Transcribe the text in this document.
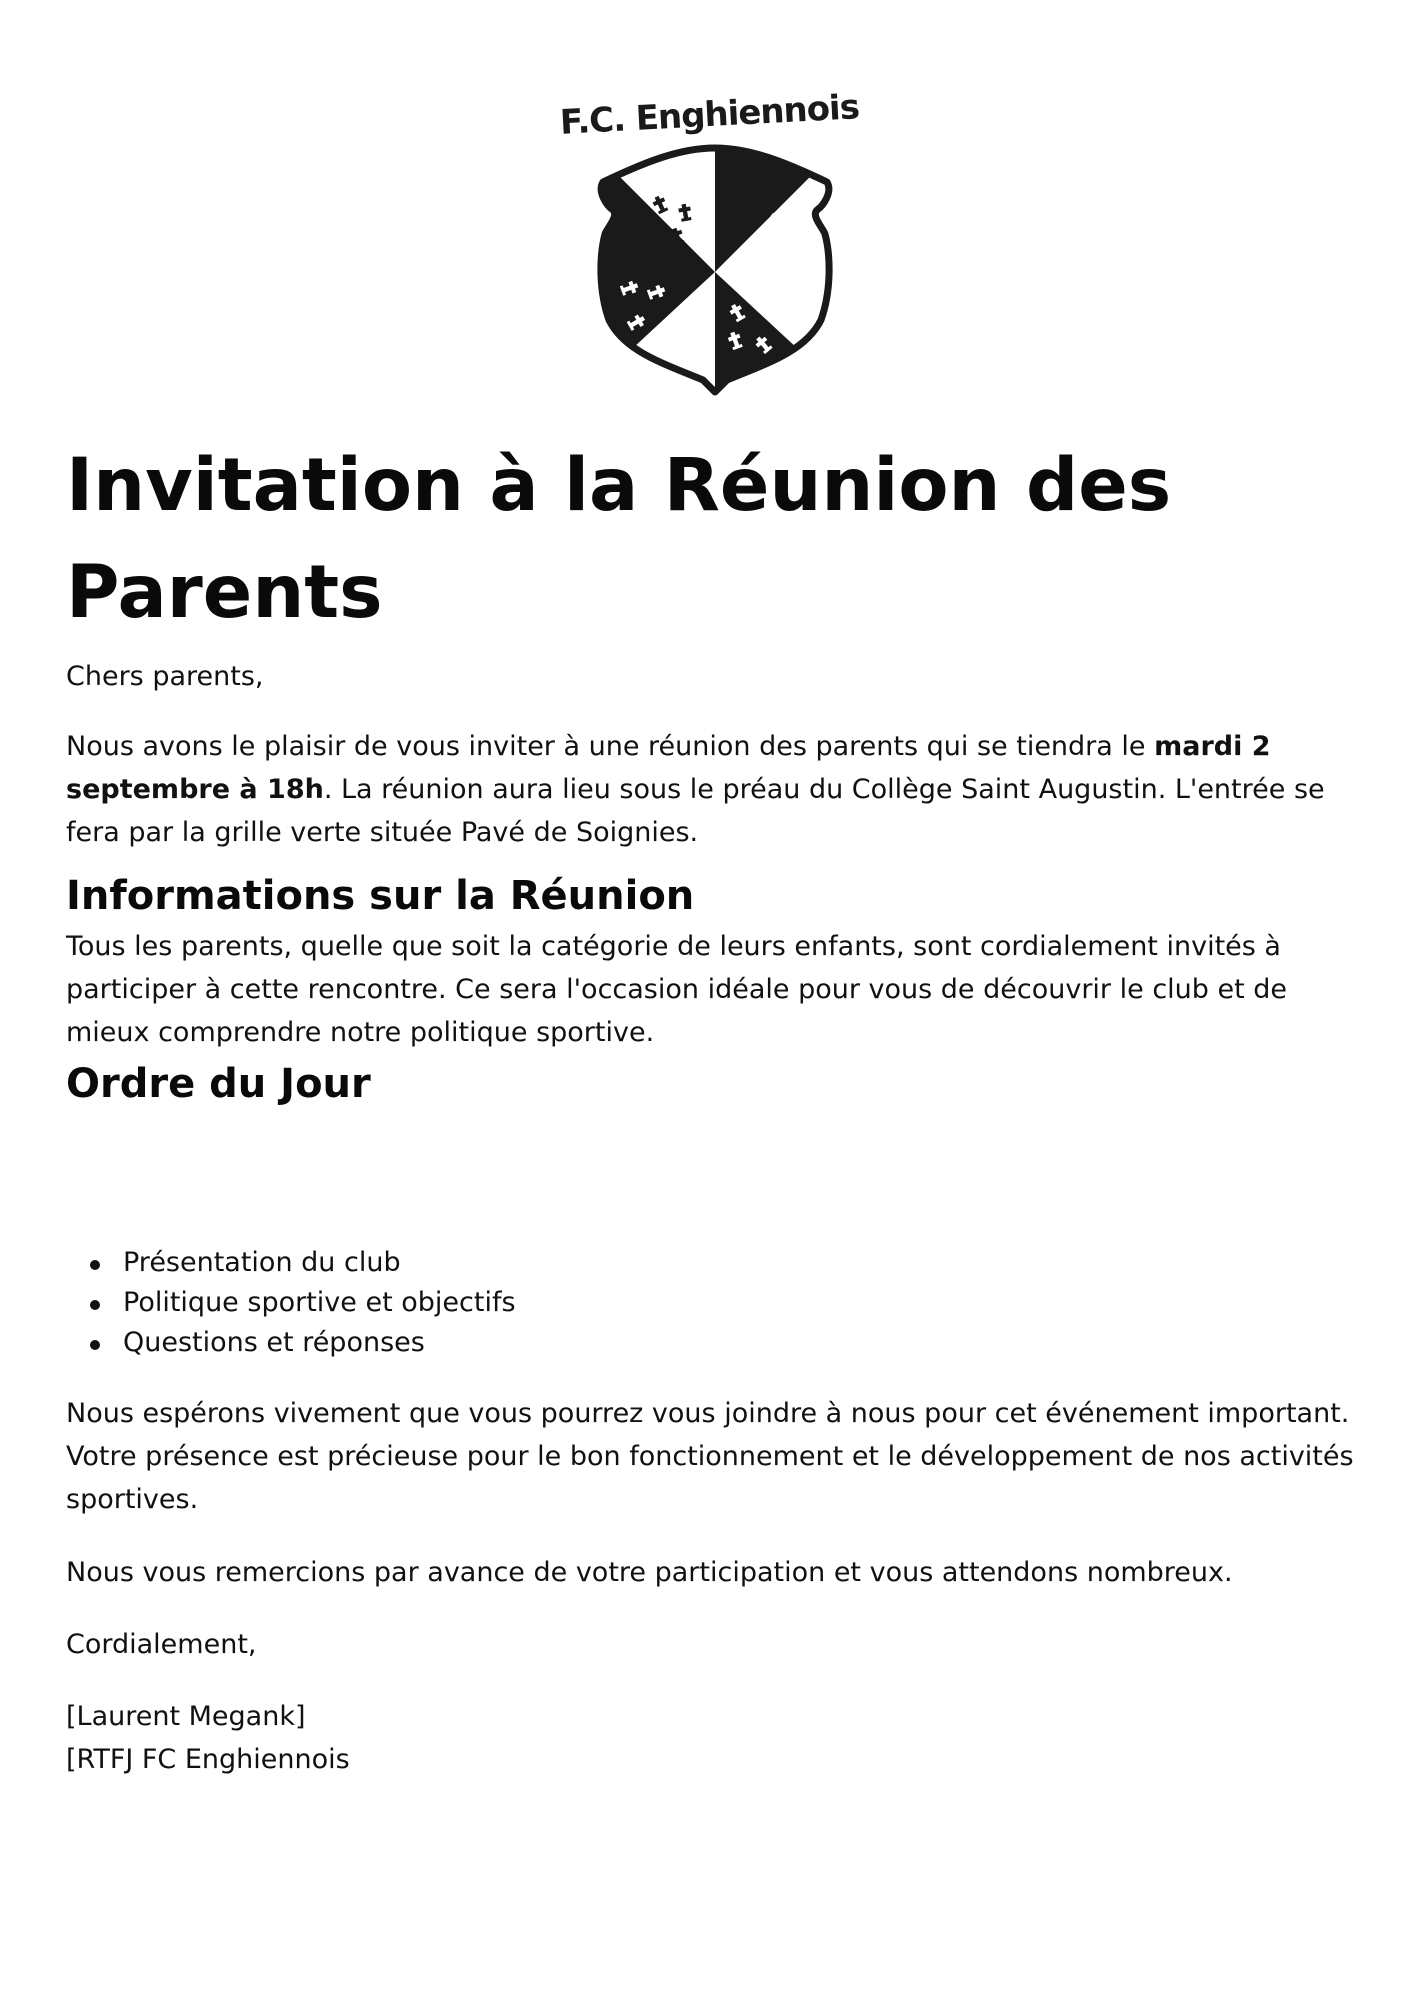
F.C. Enghiennois
Invitation à la Réunion des Parents

Chers parents,

Nous avons le plaisir de vous inviter à une réunion des parents qui se tiendra le mardi 2 septembre à 18h. La réunion aura lieu sous le préau du Collège Saint Augustin. L'entrée se fera par la grille verte située Pavé de Soignies.

Informations sur la Réunion

Tous les parents, quelle que soit la catégorie de leurs enfants, sont cordialement invités à participer à cette rencontre. Ce sera l'occasion idéale pour vous de découvrir le club et de mieux comprendre notre politique sportive.

Ordre du Jour
Présentation du club
Politique sportive et objectifs
Questions et réponses

Nous espérons vivement que vous pourrez vous joindre à nous pour cet événement important. Votre présence est précieuse pour le bon fonctionnement et le développement de nos activités sportives.

Nous vous remercions par avance de votre participation et vous attendons nombreux.

Cordialement,

[Laurent Megank]
[RTFJ FC Enghiennois
